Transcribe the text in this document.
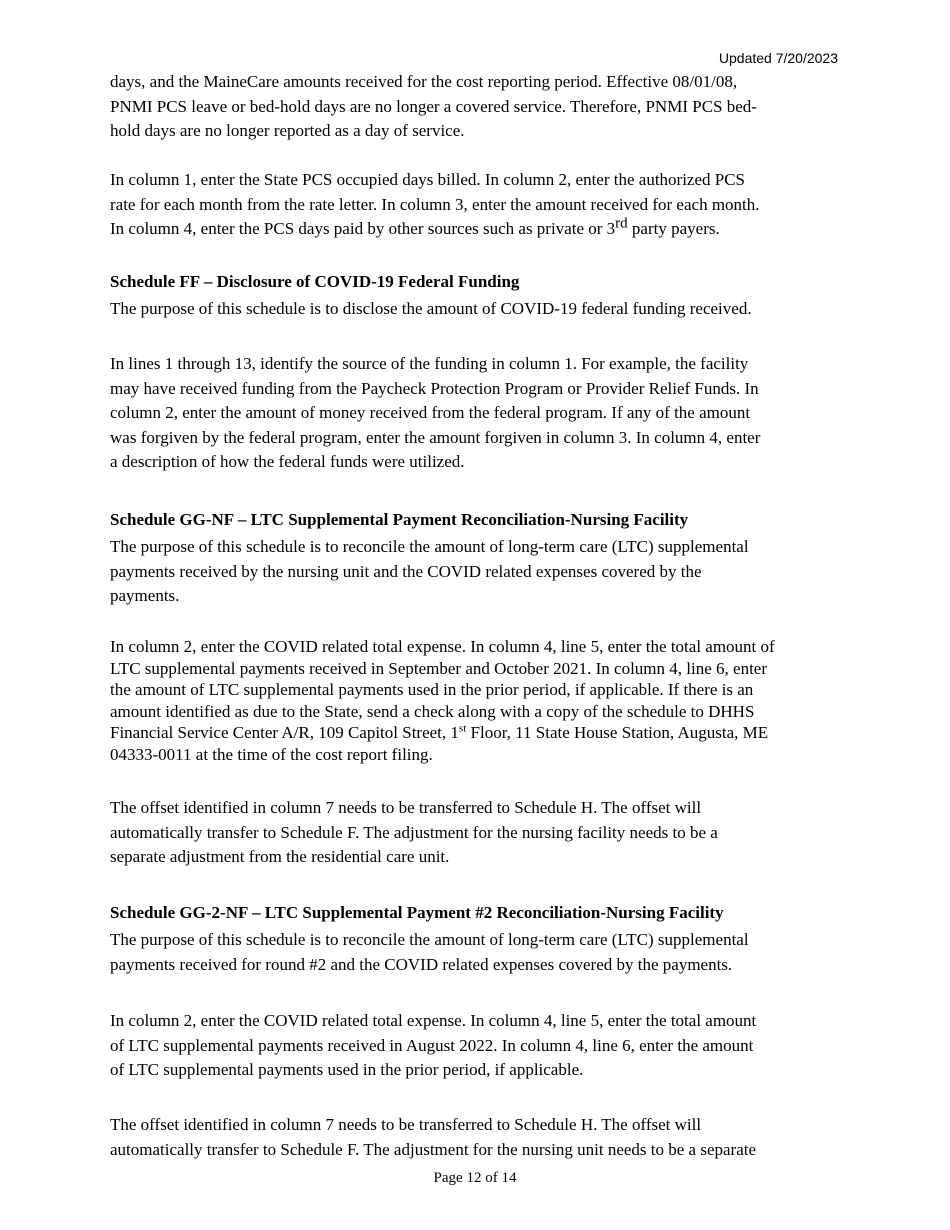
Updated 7/20/2023
days, and the MaineCare amounts received for the cost reporting period. Effective 08/01/08,
PNMI PCS leave or bed-hold days are no longer a covered service. Therefore, PNMI PCS bed-
hold days are no longer reported as a day of service.
In column 1, enter the State PCS occupied days billed. In column 2, enter the authorized PCS
rate for each month from the rate letter. In column 3, enter the amount received for each month.
In column 4, enter the PCS days paid by other sources such as private or 3rd party payers.
Schedule FF – Disclosure of COVID-19 Federal Funding
The purpose of this schedule is to disclose the amount of COVID-19 federal funding received.
In lines 1 through 13, identify the source of the funding in column 1. For example, the facility
may have received funding from the Paycheck Protection Program or Provider Relief Funds. In
column 2, enter the amount of money received from the federal program. If any of the amount
was forgiven by the federal program, enter the amount forgiven in column 3. In column 4, enter
a description of how the federal funds were utilized.
Schedule GG-NF – LTC Supplemental Payment Reconciliation-Nursing Facility
The purpose of this schedule is to reconcile the amount of long-term care (LTC) supplemental
payments received by the nursing unit and the COVID related expenses covered by the
payments.
In column 2, enter the COVID related total expense. In column 4, line 5, enter the total amount of
LTC supplemental payments received in September and October 2021. In column 4, line 6, enter
the amount of LTC supplemental payments used in the prior period, if applicable. If there is an
amount identified as due to the State, send a check along with a copy of the schedule to DHHS
Financial Service Center A/R, 109 Capitol Street, 1st Floor, 11 State House Station, Augusta, ME
04333-0011 at the time of the cost report filing.
The offset identified in column 7 needs to be transferred to Schedule H. The offset will
automatically transfer to Schedule F. The adjustment for the nursing facility needs to be a
separate adjustment from the residential care unit.
Schedule GG-2-NF – LTC Supplemental Payment #2 Reconciliation-Nursing Facility
The purpose of this schedule is to reconcile the amount of long-term care (LTC) supplemental
payments received for round #2 and the COVID related expenses covered by the payments.
In column 2, enter the COVID related total expense. In column 4, line 5, enter the total amount
of LTC supplemental payments received in August 2022. In column 4, line 6, enter the amount
of LTC supplemental payments used in the prior period, if applicable.
The offset identified in column 7 needs to be transferred to Schedule H. The offset will
automatically transfer to Schedule F. The adjustment for the nursing unit needs to be a separate
Page 12 of 14
